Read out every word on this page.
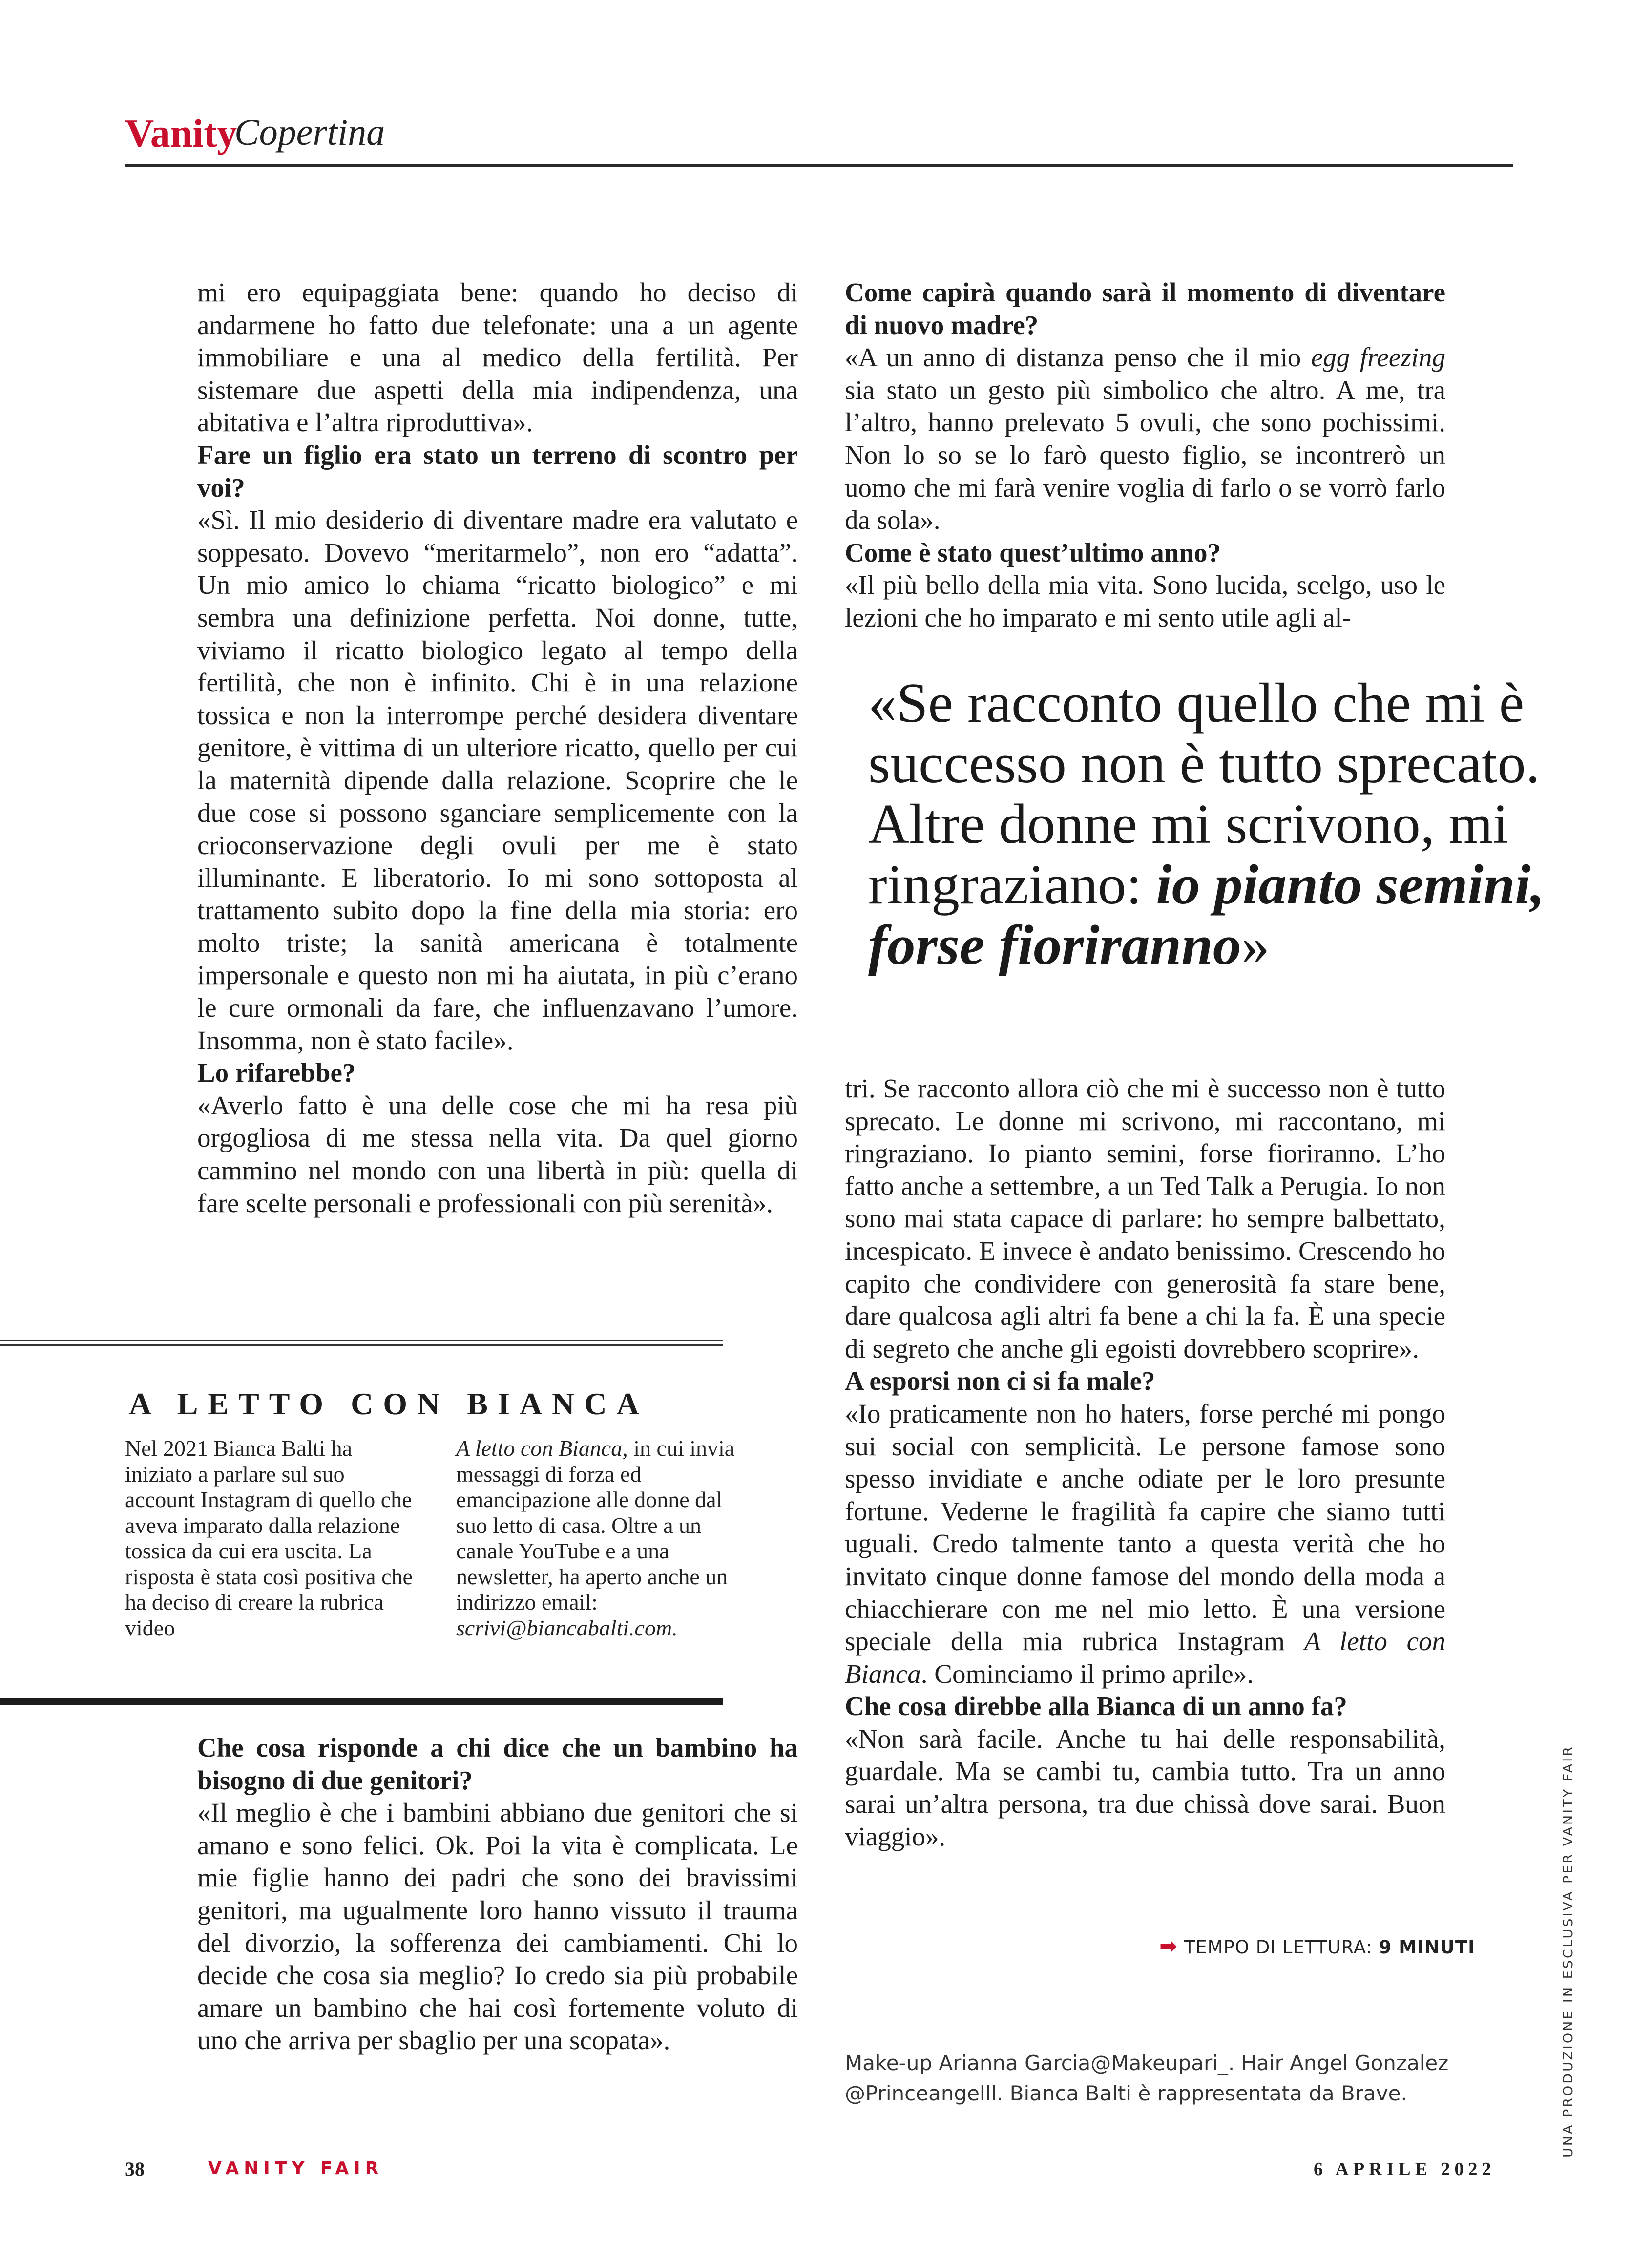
Vanity
Copertina

mi ero equipaggiata bene: quando ho deciso di andarmene ho fatto due telefonate: una a un agente immobiliare e una al medico della fertilità. Per sistemare due aspetti della mia indipendenza, una abitativa e l’altra riproduttiva».

Fare un figlio era stato un terreno di scontro per voi?

«Sì. Il mio desiderio di diventare madre era valutato e soppesato. Dovevo “meritarmelo”, non ero “adatta”. Un mio amico lo chiama “ricatto biologico” e mi sembra una definizione perfetta. Noi donne, tutte, viviamo il ricatto biologico legato al tempo della fertilità, che non è infinito. Chi è in una relazione tossica e non la interrompe perché desidera diventare genitore, è vittima di un ulteriore ricatto, quello per cui la maternità dipende dalla relazione. Scoprire che le due cose si possono sganciare semplicemente con la crioconservazione degli ovuli per me è stato illuminante. E liberatorio. Io mi sono sottoposta al trattamento subito dopo la fine della mia storia: ero molto triste; la sanità americana è totalmente impersonale e questo non mi ha aiutata, in più c’erano le cure ormonali da fare, che influenzavano l’umore. Insomma, non è stato facile».

Lo rifarebbe?

«Averlo fatto è una delle cose che mi ha resa più orgogliosa di me stessa nella vita. Da quel giorno cammino nel mondo con una libertà in più: quella di fare scelte personali e professionali con più serenità».

Che cosa risponde a chi dice che un bambino ha bisogno di due genitori?

«Il meglio è che i bambini abbiano due genitori che si amano e sono felici. Ok. Poi la vita è complicata. Le mie figlie hanno dei padri che sono dei bravissimi genitori, ma ugualmente loro hanno vissuto il trauma del divorzio, la sofferenza dei cambiamenti. Chi lo decide che cosa sia meglio? Io credo sia più probabile amare un bambino che hai così fortemente voluto di uno che arriva per sbaglio per una scopata».

Come capirà quando sarà il momento di diventare di nuovo madre?

«A un anno di distanza penso che il mio egg freezing sia stato un gesto più simbolico che altro. A me, tra l’altro, hanno prelevato 5 ovuli, che sono pochissimi. Non lo so se lo farò questo figlio, se incontrerò un uomo che mi farà venire voglia di farlo o se vorrò farlo da sola».

Come è stato quest’ultimo anno?

«Il più bello della mia vita. Sono lucida, scelgo, uso le lezioni che ho imparato e mi sento utile agli al-

tri. Se racconto allora ciò che mi è successo non è tutto sprecato. Le donne mi scrivono, mi raccontano, mi ringraziano. Io pianto semini, forse fioriranno. L’ho fatto anche a settembre, a un Ted Talk a Perugia. Io non sono mai stata capace di parlare: ho sempre balbettato, incespicato. E invece è andato benissimo. Crescendo ho capito che condividere con generosità fa stare bene, dare qualcosa agli altri fa bene a chi la fa. È una specie di segreto che anche gli egoisti dovrebbero scoprire».

A esporsi non ci si fa male?

«Io praticamente non ho haters, forse perché mi pongo sui social con semplicità. Le persone famose sono spesso invidiate e anche odiate per le loro presunte fortune. Vederne le fragilità fa capire che siamo tutti uguali. Credo talmente tanto a questa verità che ho invitato cinque donne famose del mondo della moda a chiacchierare con me nel mio letto. È una versione speciale della mia rubrica Instagram A letto con Bianca. Cominciamo il primo aprile».

Che cosa direbbe alla Bianca di un anno fa?

«Non sarà facile. Anche tu hai delle responsabilità, guardale. Ma se cambi tu, cambia tutto. Tra un anno sarai un’altra persona, tra due chissà dove sarai. Buon viaggio».

«Se racconto quello che mi è successo non è tutto sprecato. Altre donne mi scrivono, mi ringraziano: io pianto semini, forse fioriranno»
A LETTO CON BIANCA
Nel 2021 Bianca Balti ha iniziato a parlare sul suo account Instagram di quello che aveva imparato dalla relazione tossica da cui era uscita. La risposta è stata così positiva che ha deciso di creare la rubrica video
A letto con Bianca, in cui invia messaggi di forza ed emancipazione alle donne dal suo letto di casa. Oltre a un canale YouTube e a una newsletter, ha aperto anche un indirizzo email: scrivi@biancabalti.com.
➡ TEMPO DI LETTURA: 9 MINUTI
Make-up Arianna Garcia@Makeupari_. Hair Angel Gonzalez @Princeangelll. Bianca Balti è rappresentata da Brave.	UNA PRODUZIONE IN ESCLUSIVA PER VANITY FAIR
38	VANITY FAIR	6 APRILE 2022
